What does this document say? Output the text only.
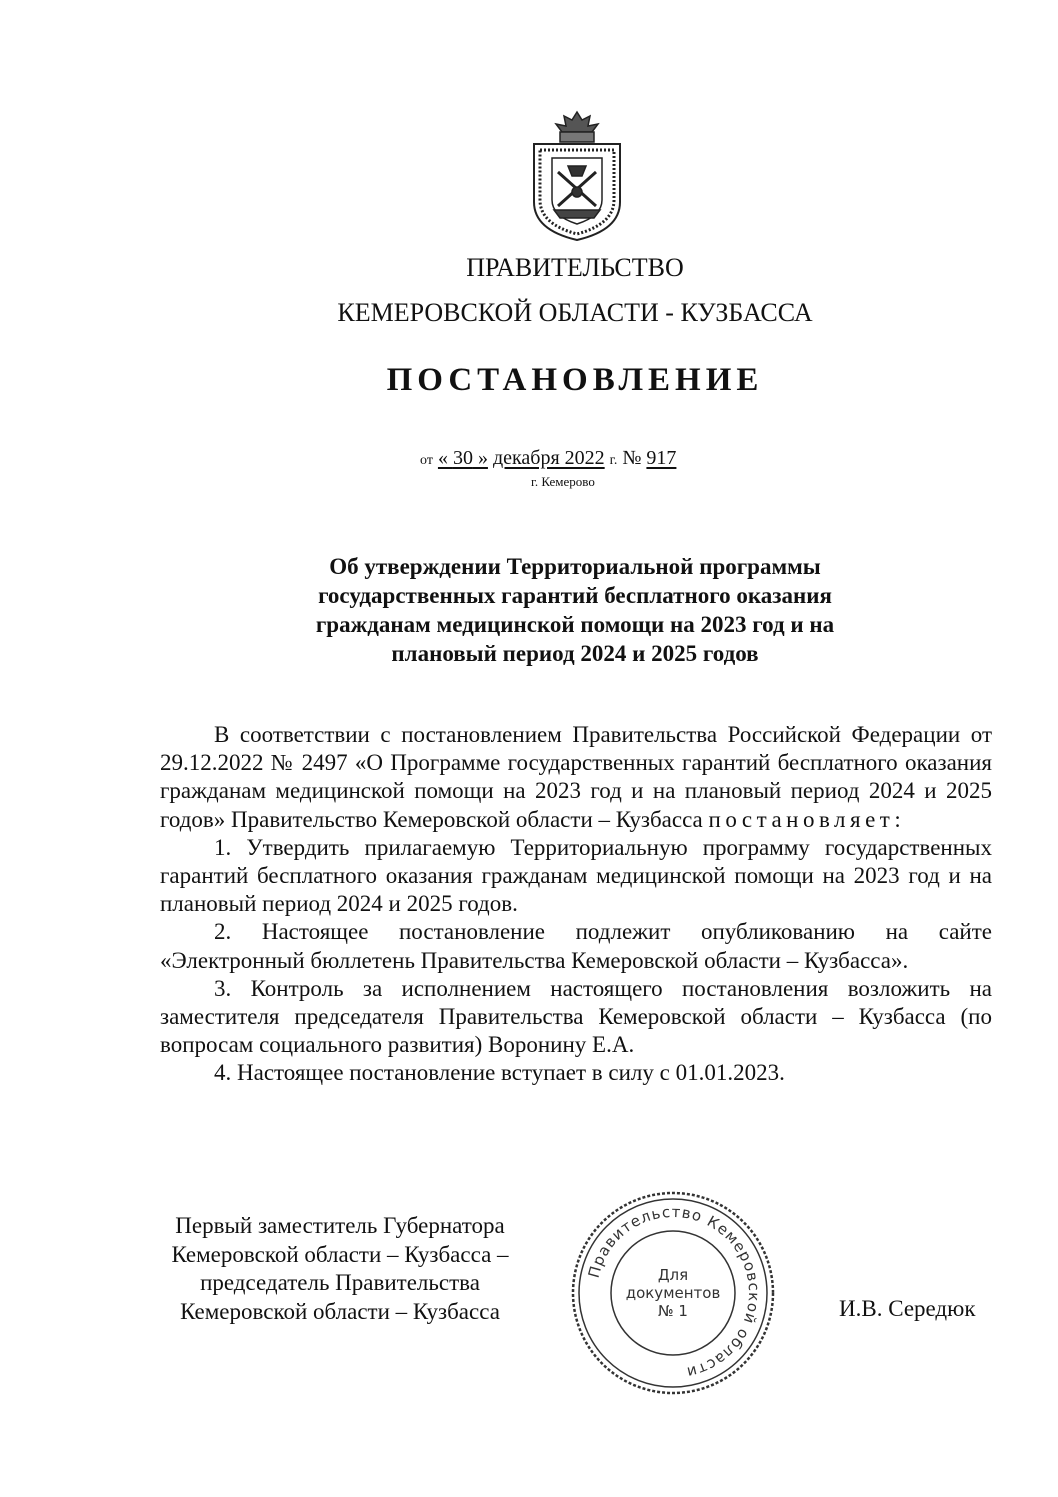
ПРАВИТЕЛЬСТВО
КЕМЕРОВСКОЙ ОБЛАСТИ - КУЗБАССА
ПОСТАНОВЛЕНИЕ
от « 30 » декабря 2022 г. № 917
г. Кемерово
Об утверждении Территориальной программы
государственных гарантий бесплатного оказания
гражданам медицинской помощи на 2023 год и на
плановый период 2024 и 2025 годов

В соответствии с постановлением Правительства Российской Федерации от 29.12.2022 № 2497 «О Программе государственных гарантий бесплатного оказания гражданам медицинской помощи на 2023 год и на плановый период 2024 и 2025 годов» Правительство Кемеровской области – Кузбасса постановляет:

1. Утвердить прилагаемую Территориальную программу государственных гарантий бесплатного оказания гражданам медицинской помощи на 2023 год и на плановый период 2024 и 2025 годов.

2. Настоящее постановление подлежит опубликованию на сайте «Электронный бюллетень Правительства Кемеровской области – Кузбасса».

3. Контроль за исполнением настоящего постановления возложить на заместителя председателя Правительства Кемеровской области – Кузбасса (по вопросам социального развития) Воронину Е.А.

4. Настоящее постановление вступает в силу с 01.01.2023.

Первый заместитель Губернатора
Кемеровской области – Кузбасса –
председатель Правительства
Кемеровской области – Кузбасса
Правительство Кемеровской области
Для
документов
№ 1	И.В. Середюк
